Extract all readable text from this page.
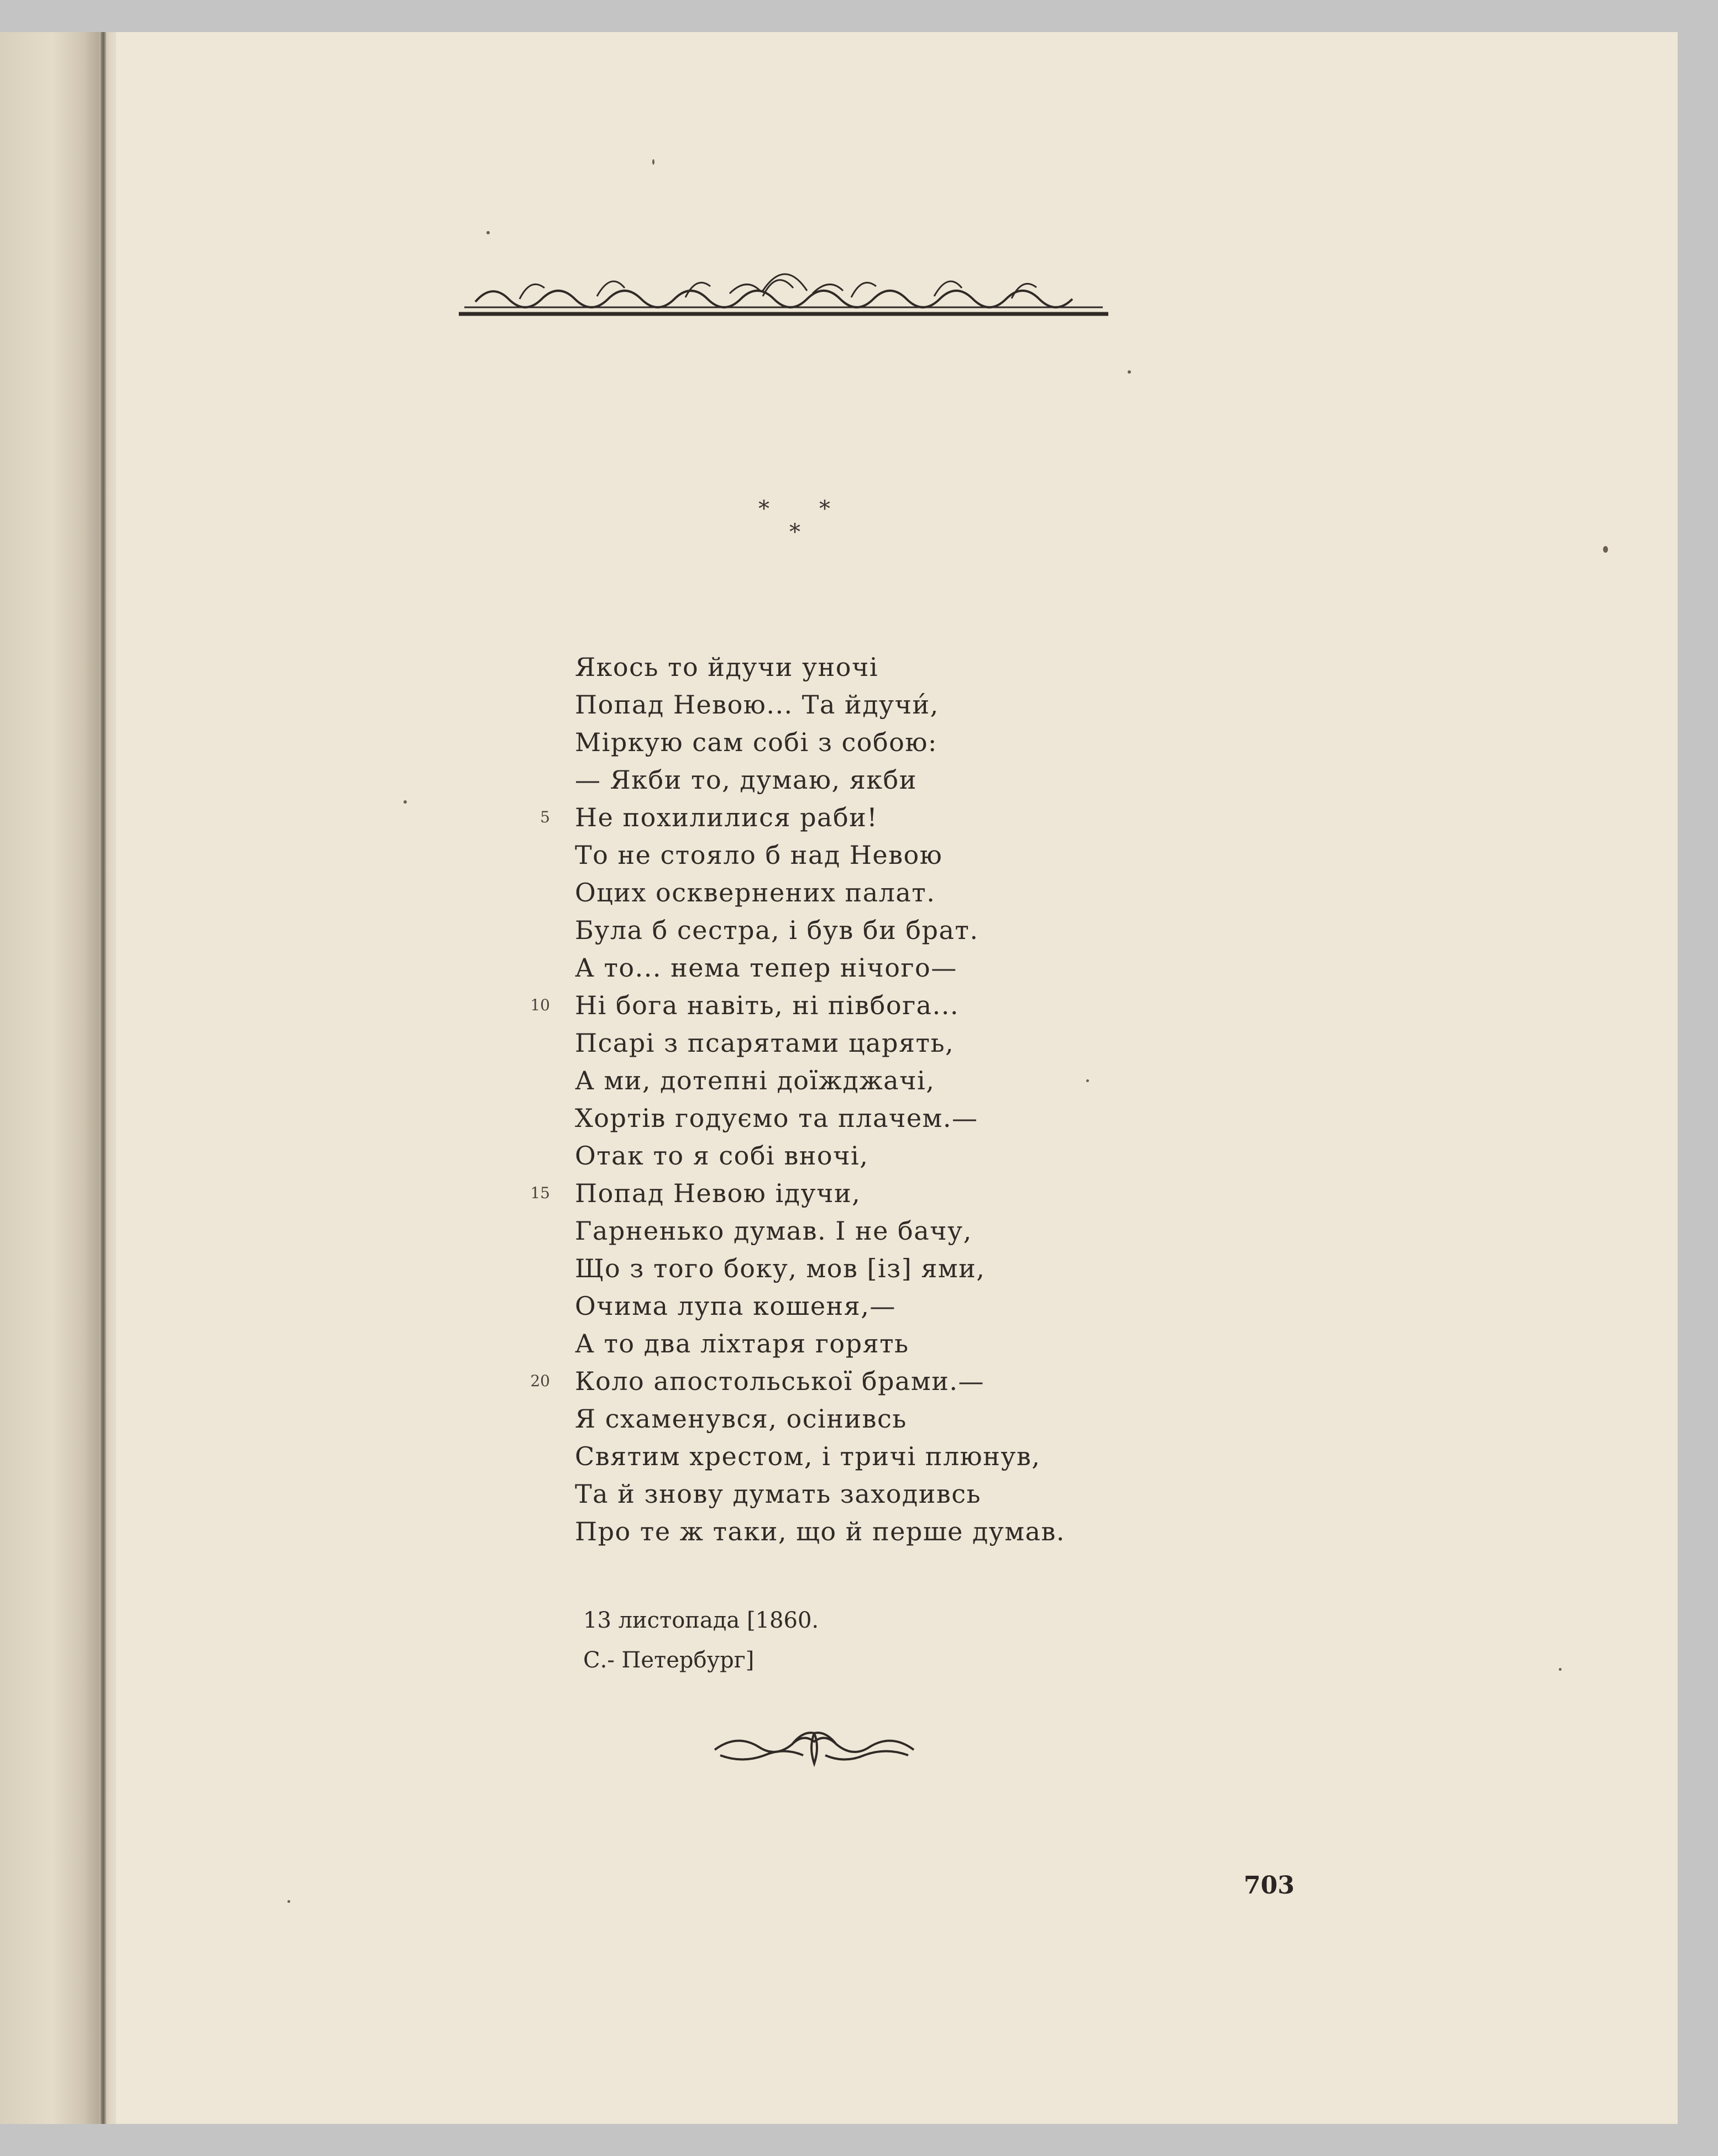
* *
*
Якось то йдучи уночі
Попад Невою... Та йдучи́,
Міркую сам собі з собою:
— Якби то, думаю, якби
5 Не похилилися раби!
То не стояло б над Невою
Оцих осквернених палат.
Була б сестра, і був би брат.
А то... нема тепер нічого—
10 Ні бога навіть, ні півбога...
Псарі з псарятами царять,
А ми, дотепні доїжджачі,
Хортів годуємо та плачем.—
Отак то я собі вночі,
15 Попад Невою ідучи,
Гарненько думав. І не бачу,
Що з того боку, мов [із] ями,
Очима лупа кошеня,—
А то два ліхтаря горять
20 Коло апостольської брами.—
Я схаменувся, осінивсь
Святим хрестом, і тричі плюнув,
Та й знову думать заходивсь
Про те ж таки, що й перше думав.
13 листопада [1860.
С.- Петербург]
703
